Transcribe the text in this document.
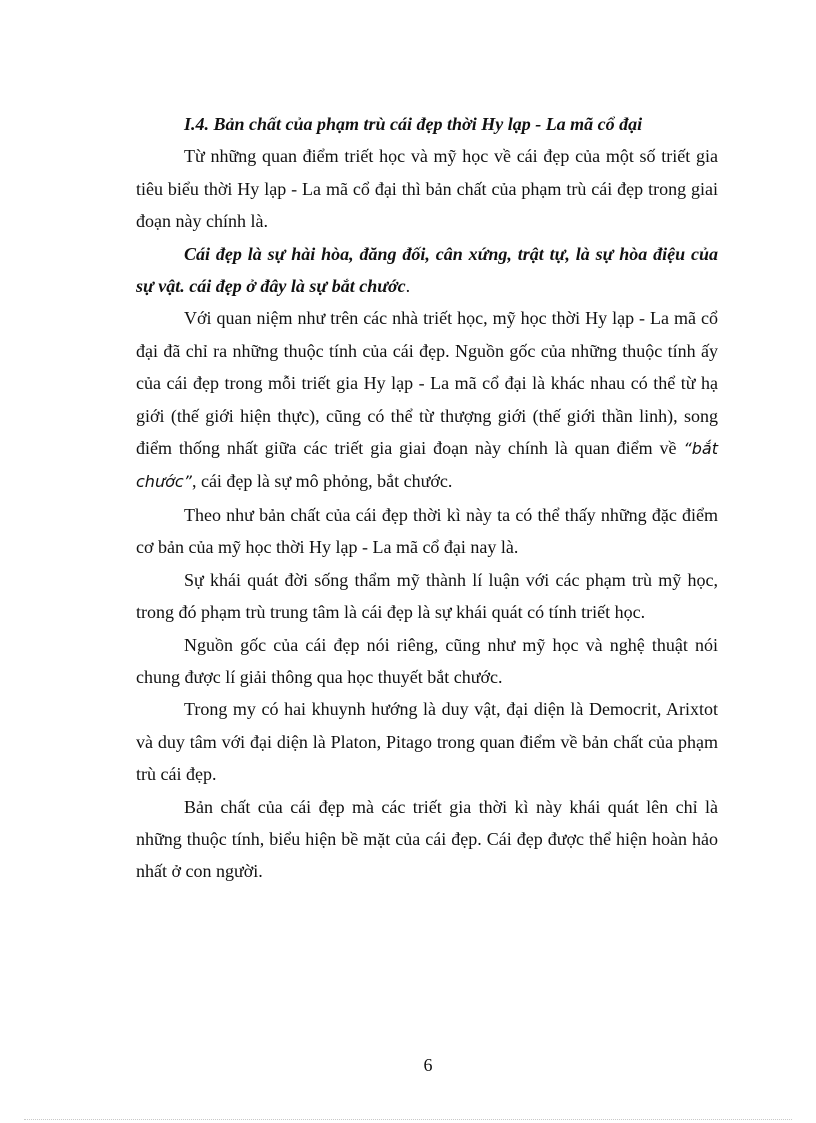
I.4. Bản chất của phạm trù cái đẹp thời Hy lạp - La mã cổ đại

Từ những quan điểm triết học và mỹ học về cái đẹp của một số triết gia tiêu biểu thời Hy lạp - La mã cổ đại thì bản chất của phạm trù cái đẹp trong giai đoạn này chính là.

Cái đẹp là sự hài hòa, đăng đối, cân xứng, trật tự, là sự hòa điệu của sự vật. cái đẹp ở đây là sự bắt chước.

Với quan niệm như trên các nhà triết học, mỹ học thời Hy lạp - La mã cổ đại đã chỉ ra những thuộc tính của cái đẹp. Nguồn gốc của những thuộc tính ấy của cái đẹp trong mỗi triết gia Hy lạp - La mã cổ đại là khác nhau có thể từ hạ giới (thế giới hiện thực), cũng có thể từ thượng giới (thế giới thần linh), song điểm thống nhất giữa các triết gia giai đoạn này chính là quan điểm về “bắt chước”, cái đẹp là sự mô phỏng, bắt chước.

Theo như bản chất của cái đẹp thời kì này ta có thể thấy những đặc điểm cơ bản của mỹ học thời Hy lạp - La mã cổ đại nay là.

Sự khái quát đời sống thẩm mỹ thành lí luận với các phạm trù mỹ học, trong đó phạm trù trung tâm là cái đẹp là sự khái quát có tính triết học.

Nguồn gốc của cái đẹp nói riêng, cũng như mỹ học và nghệ thuật nói chung được lí giải thông qua học thuyết bắt chước.

Trong my có hai khuynh hướng là duy vật, đại diện là Democrit, Arixtot và duy tâm với đại diện là Platon, Pitago trong quan điểm về bản chất của phạm trù cái đẹp.

Bản chất của cái đẹp mà các triết gia thời kì này khái quát lên chỉ là những thuộc tính, biểu hiện bề mặt của cái đẹp. Cái đẹp được thể hiện hoàn hảo nhất ở con người.

6
